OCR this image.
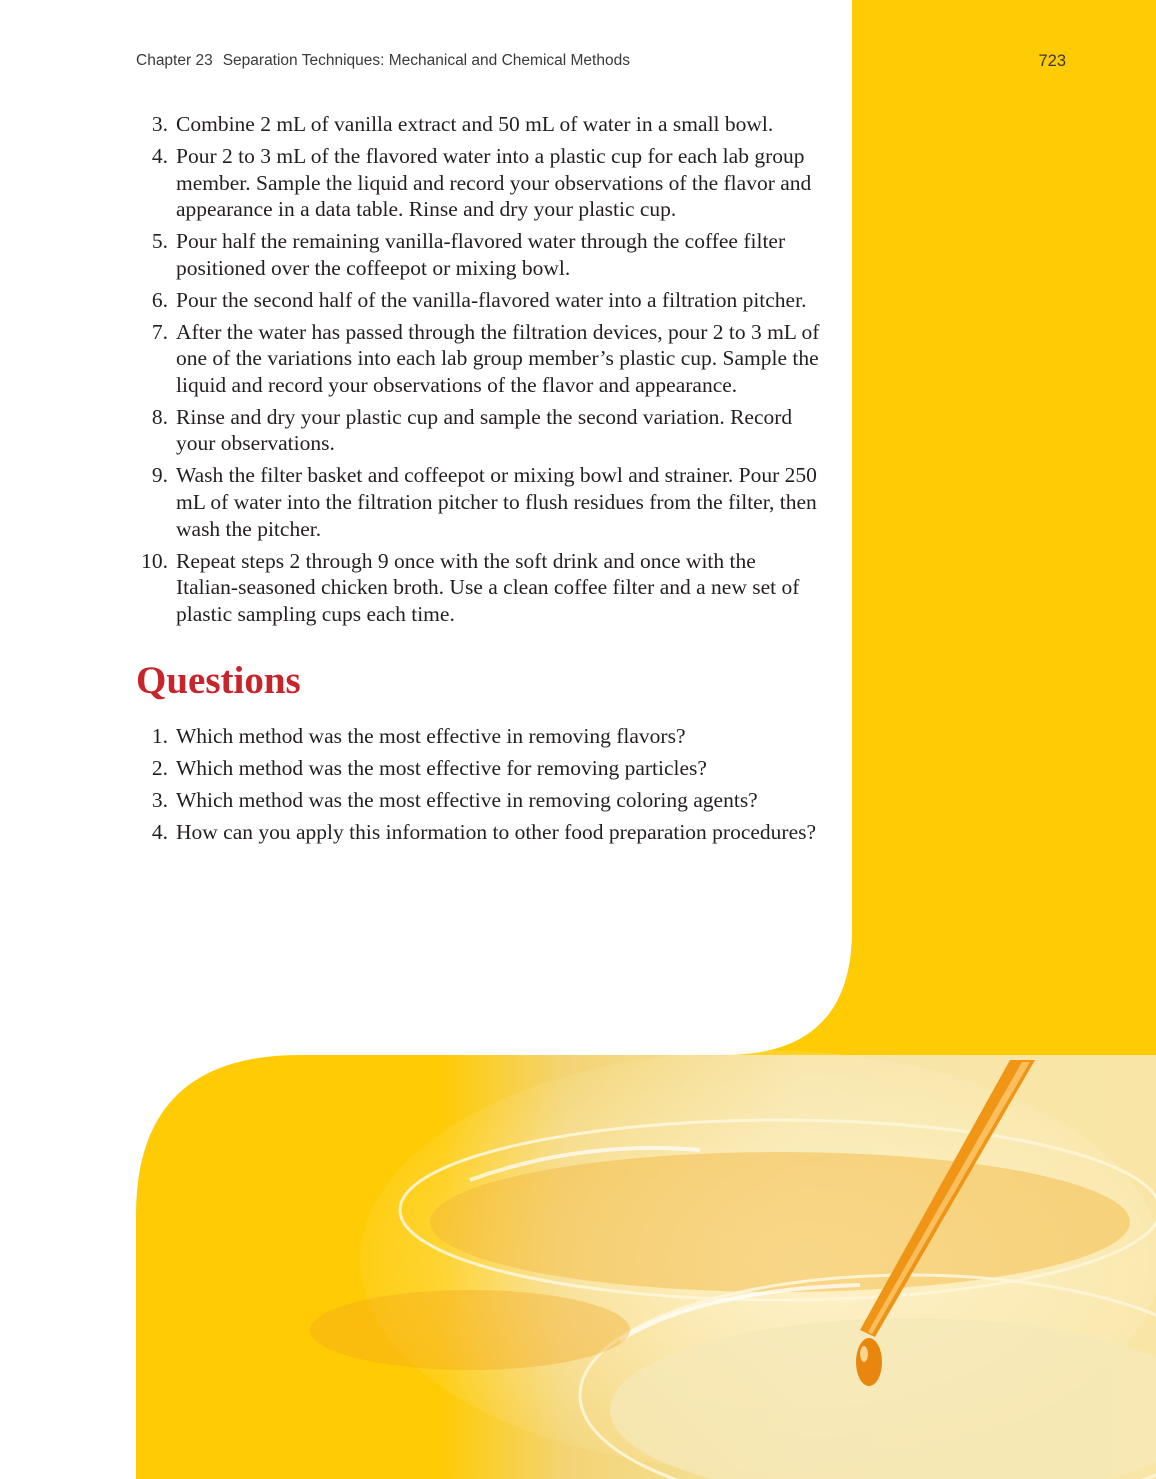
Chapter 23 Separation Techniques: Mechanical and Chemical Methods	723
3. Combine 2 mL of vanilla extract and 50 mL of water in a small bowl.
4. Pour 2 to 3 mL of the flavored water into a plastic cup for each lab group member. Sample the liquid and record your observations of the flavor and appearance in a data table. Rinse and dry your plastic cup.
5. Pour half the remaining vanilla-flavored water through the coffee filter positioned over the coffeepot or mixing bowl.
6. Pour the second half of the vanilla-flavored water into a filtration pitcher.
7. After the water has passed through the filtration devices, pour 2 to 3 mL of one of the variations into each lab group member’s plastic cup. Sample the liquid and record your observations of the flavor and appearance.
8. Rinse and dry your plastic cup and sample the second variation. Record your observations.
9. Wash the filter basket and coffeepot or mixing bowl and strainer. Pour 250 mL of water into the filtration pitcher to flush residues from the filter, then wash the pitcher.
10. Repeat steps 2 through 9 once with the soft drink and once with the Italian-seasoned chicken broth. Use a clean coffee filter and a new set of plastic sampling cups each time.
Questions
1. Which method was the most effective in removing flavors?
2. Which method was the most effective for removing particles?
3. Which method was the most effective in removing coloring agents?
4. How can you apply this information to other food preparation procedures?
